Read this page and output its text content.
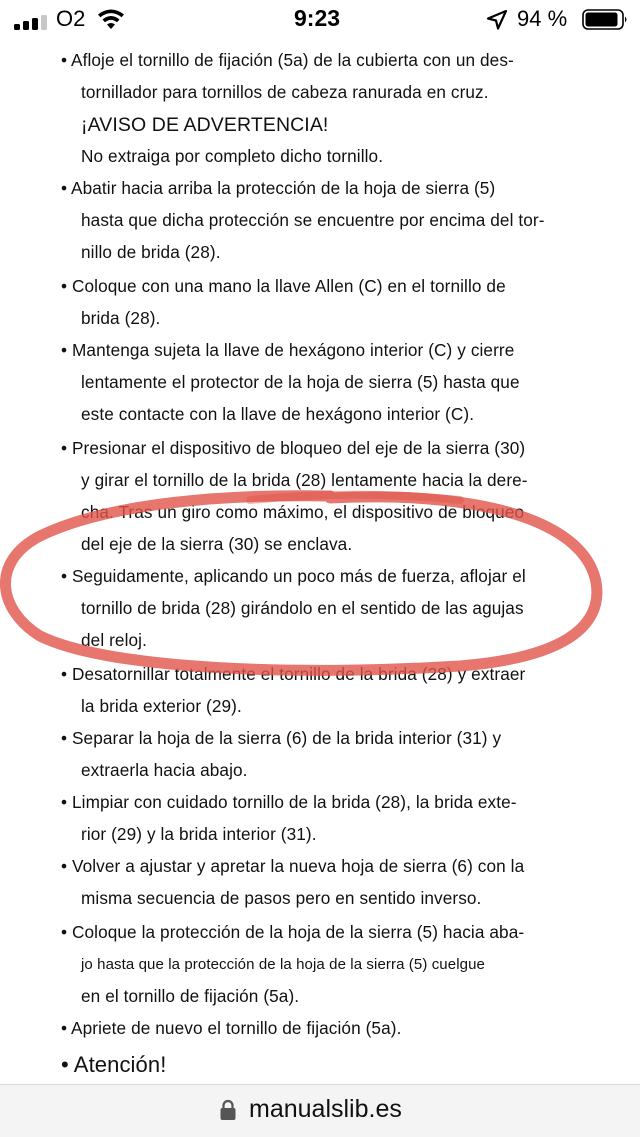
O2	9:23	94 %
• Afloje el tornillo de fijación (5a) de la cubierta con un des-
tornillador para tornillos de cabeza ranurada en cruz.
¡AVISO DE ADVERTENCIA!
No extraiga por completo dicho tornillo.
• Abatir hacia arriba la protección de la hoja de sierra (5)
hasta que dicha protección se encuentre por encima del tor-
nillo de brida (28).
• Coloque con una mano la llave Allen (C) en el tornillo de
brida (28).
• Mantenga sujeta la llave de hexágono interior (C) y cierre
lentamente el protector de la hoja de sierra (5) hasta que
este contacte con la llave de hexágono interior (C).
• Presionar el dispositivo de bloqueo del eje de la sierra (30)
y girar el tornillo de la brida (28) lentamente hacia la dere-
cha. Tras un giro como máximo, el dispositivo de bloqueo
del eje de la sierra (30) se enclava.
• Seguidamente, aplicando un poco más de fuerza, aflojar el
tornillo de brida (28) girándolo en el sentido de las agujas
del reloj.
• Desatornillar totalmente el tornillo de la brida (28) y extraer
la brida exterior (29).
• Separar la hoja de la sierra (6) de la brida interior (31) y
extraerla hacia abajo.
• Limpiar con cuidado tornillo de la brida (28), la brida exte-
rior (29) y la brida interior (31).
• Volver a ajustar y apretar la nueva hoja de sierra (6) con la
misma secuencia de pasos pero en sentido inverso.
• Coloque la protección de la hoja de la sierra (5) hacia aba-
jo hasta que la protección de la hoja de la sierra (5) cuelgue
en el tornillo de fijación (5a).
• Apriete de nuevo el tornillo de fijación (5a).
• Atención!
manualslib.es
